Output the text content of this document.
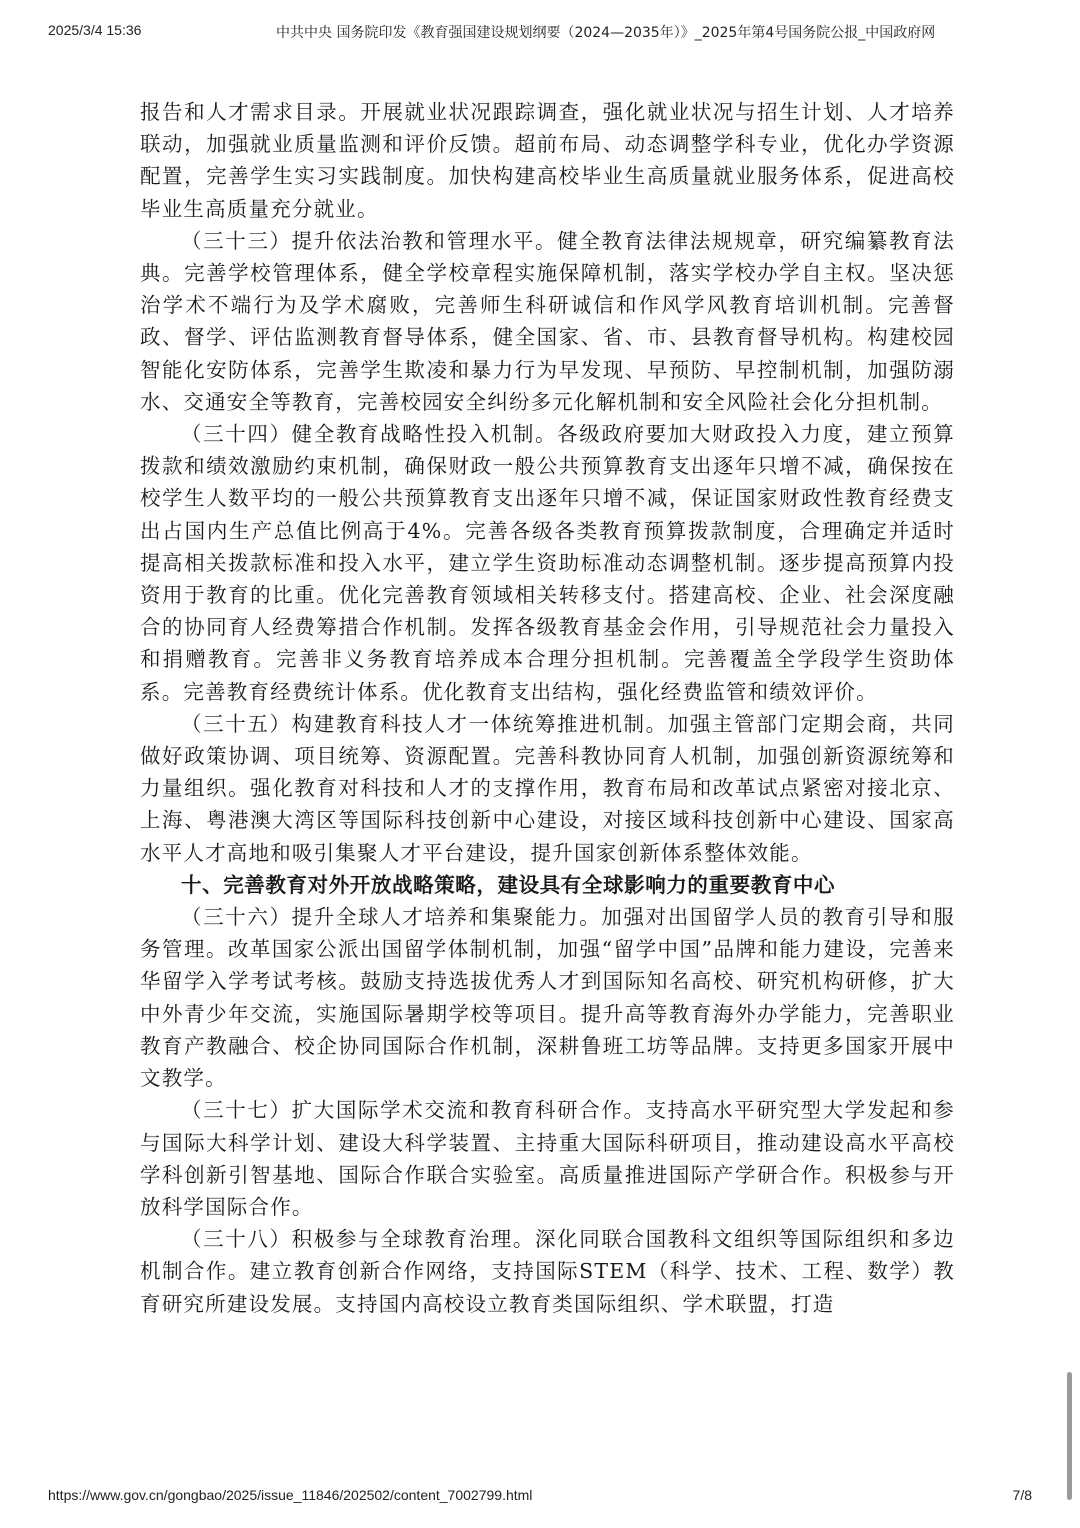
2025/3/4 15:36	中共中央 国务院印发《教育强国建设规划纲要（2024—2035年）》_2025年第4号国务院公报_中国政府网

报告和人才需求目录。开展就业状况跟踪调查，强化就业状况与招生计划、人才培养联动，加强就业质量监测和评价反馈。超前布局、动态调整学科专业，优化办学资源配置，完善学生实习实践制度。加快构建高校毕业生高质量就业服务体系，促进高校毕业生高质量充分就业。

（三十三）提升依法治教和管理水平。健全教育法律法规规章，研究编纂教育法典。完善学校管理体系，健全学校章程实施保障机制，落实学校办学自主权。坚决惩治学术不端行为及学术腐败，完善师生科研诚信和作风学风教育培训机制。完善督政、督学、评估监测教育督导体系，健全国家、省、市、县教育督导机构。构建校园智能化安防体系，完善学生欺凌和暴力行为早发现、早预防、早控制机制，加强防溺水、交通安全等教育，完善校园安全纠纷多元化解机制和安全风险社会化分担机制。

（三十四）健全教育战略性投入机制。各级政府要加大财政投入力度，建立预算拨款和绩效激励约束机制，确保财政一般公共预算教育支出逐年只增不减，确保按在校学生人数平均的一般公共预算教育支出逐年只增不减，保证国家财政性教育经费支出占国内生产总值比例高于4%。完善各级各类教育预算拨款制度，合理确定并适时提高相关拨款标准和投入水平，建立学生资助标准动态调整机制。逐步提高预算内投资用于教育的比重。优化完善教育领域相关转移支付。搭建高校、企业、社会深度融合的协同育人经费筹措合作机制。发挥各级教育基金会作用，引导规范社会力量投入和捐赠教育。完善非义务教育培养成本合理分担机制。完善覆盖全学段学生资助体系。完善教育经费统计体系。优化教育支出结构，强化经费监管和绩效评价。

（三十五）构建教育科技人才一体统筹推进机制。加强主管部门定期会商，共同做好政策协调、项目统筹、资源配置。完善科教协同育人机制，加强创新资源统筹和力量组织。强化教育对科技和人才的支撑作用，教育布局和改革试点紧密对接北京、上海、粤港澳大湾区等国际科技创新中心建设，对接区域科技创新中心建设、国家高水平人才高地和吸引集聚人才平台建设，提升国家创新体系整体效能。

十、完善教育对外开放战略策略，建设具有全球影响力的重要教育中心

（三十六）提升全球人才培养和集聚能力。加强对出国留学人员的教育引导和服务管理。改革国家公派出国留学体制机制，加强“留学中国”品牌和能力建设，完善来华留学入学考试考核。鼓励支持选拔优秀人才到国际知名高校、研究机构研修，扩大中外青少年交流，实施国际暑期学校等项目。提升高等教育海外办学能力，完善职业教育产教融合、校企协同国际合作机制，深耕鲁班工坊等品牌。支持更多国家开展中文教学。

（三十七）扩大国际学术交流和教育科研合作。支持高水平研究型大学发起和参与国际大科学计划、建设大科学装置、主持重大国际科研项目，推动建设高水平高校学科创新引智基地、国际合作联合实验室。高质量推进国际产学研合作。积极参与开放科学国际合作。

（三十八）积极参与全球教育治理。深化同联合国教科文组织等国际组织和多边机制合作。建立教育创新合作网络，支持国际STEM（科学、技术、工程、数学）教育研究所建设发展。支持国内高校设立教育类国际组织、学术联盟，打造

https://www.gov.cn/gongbao/2025/issue_11846/202502/content_7002799.html	7/8
